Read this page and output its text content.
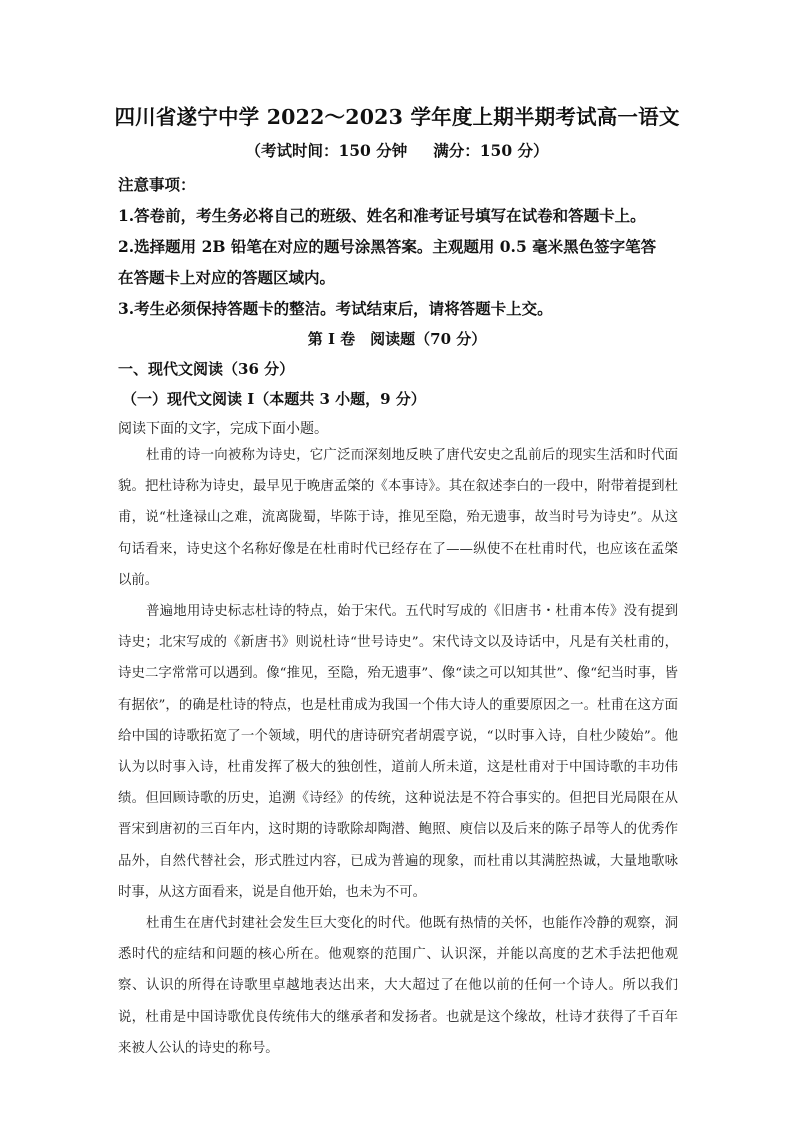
四川省遂宁中学 2022～2023 学年度上期半期考试高一语文
（考试时间：150 分钟 满分：150 分）
注意事项：
1.答卷前，考生务必将自己的班级、姓名和准考证号填写在试卷和答题卡上。
2.选择题用 2B 铅笔在对应的题号涂黑答案。主观题用 0.5 毫米黑色签字笔答
在答题卡上对应的答题区域内。
3.考生必须保持答题卡的整洁。考试结束后，请将答题卡上交。
第 I 卷　阅读题（70 分）
一、现代文阅读（36 分）
（一）现代文阅读 I（本题共 3 小题，9 分）
阅读下面的文字，完成下面小题。

杜甫的诗一向被称为诗史，它广泛而深刻地反映了唐代安史之乱前后的现实生活和时代面貌。把杜诗称为诗史，最早见于晚唐孟棨的《本事诗》。其在叙述李白的一段中，附带着提到杜甫，说“杜逢禄山之难，流离陇蜀，毕陈于诗，推见至隐，殆无遗事，故当时号为诗史”。从这句话看来，诗史这个名称好像是在杜甫时代已经存在了——纵使不在杜甫时代，也应该在孟棨以前。

普遍地用诗史标志杜诗的特点，始于宋代。五代时写成的《旧唐书・杜甫本传》没有提到诗史；北宋写成的《新唐书》则说杜诗“世号诗史”。宋代诗文以及诗话中，凡是有关杜甫的，诗史二字常常可以遇到。像“推见，至隐，殆无遗事”、像“读之可以知其世”、像“纪当时事，皆有据依”，的确是杜诗的特点，也是杜甫成为我国一个伟大诗人的重要原因之一。杜甫在这方面给中国的诗歌拓宽了一个领域，明代的唐诗研究者胡震亨说，“以时事入诗，自杜少陵始”。他认为以时事入诗，杜甫发挥了极大的独创性，道前人所未道，这是杜甫对于中国诗歌的丰功伟绩。但回顾诗歌的历史，追溯《诗经》的传统，这种说法是不符合事实的。但把目光局限在从晋宋到唐初的三百年内，这时期的诗歌除却陶潜、鲍照、庾信以及后来的陈子昂等人的优秀作品外，自然代替社会，形式胜过内容，已成为普遍的现象，而杜甫以其满腔热诚，大量地歌咏时事，从这方面看来，说是自他开始，也未为不可。

杜甫生在唐代封建社会发生巨大变化的时代。他既有热情的关怀，也能作冷静的观察，洞悉时代的症结和问题的核心所在。他观察的范围广、认识深，并能以高度的艺术手法把他观察、认识的所得在诗歌里卓越地表达出来，大大超过了在他以前的任何一个诗人。所以我们说，杜甫是中国诗歌优良传统伟大的继承者和发扬者。也就是这个缘故，杜诗才获得了千百年来被人公认的诗史的称号。
